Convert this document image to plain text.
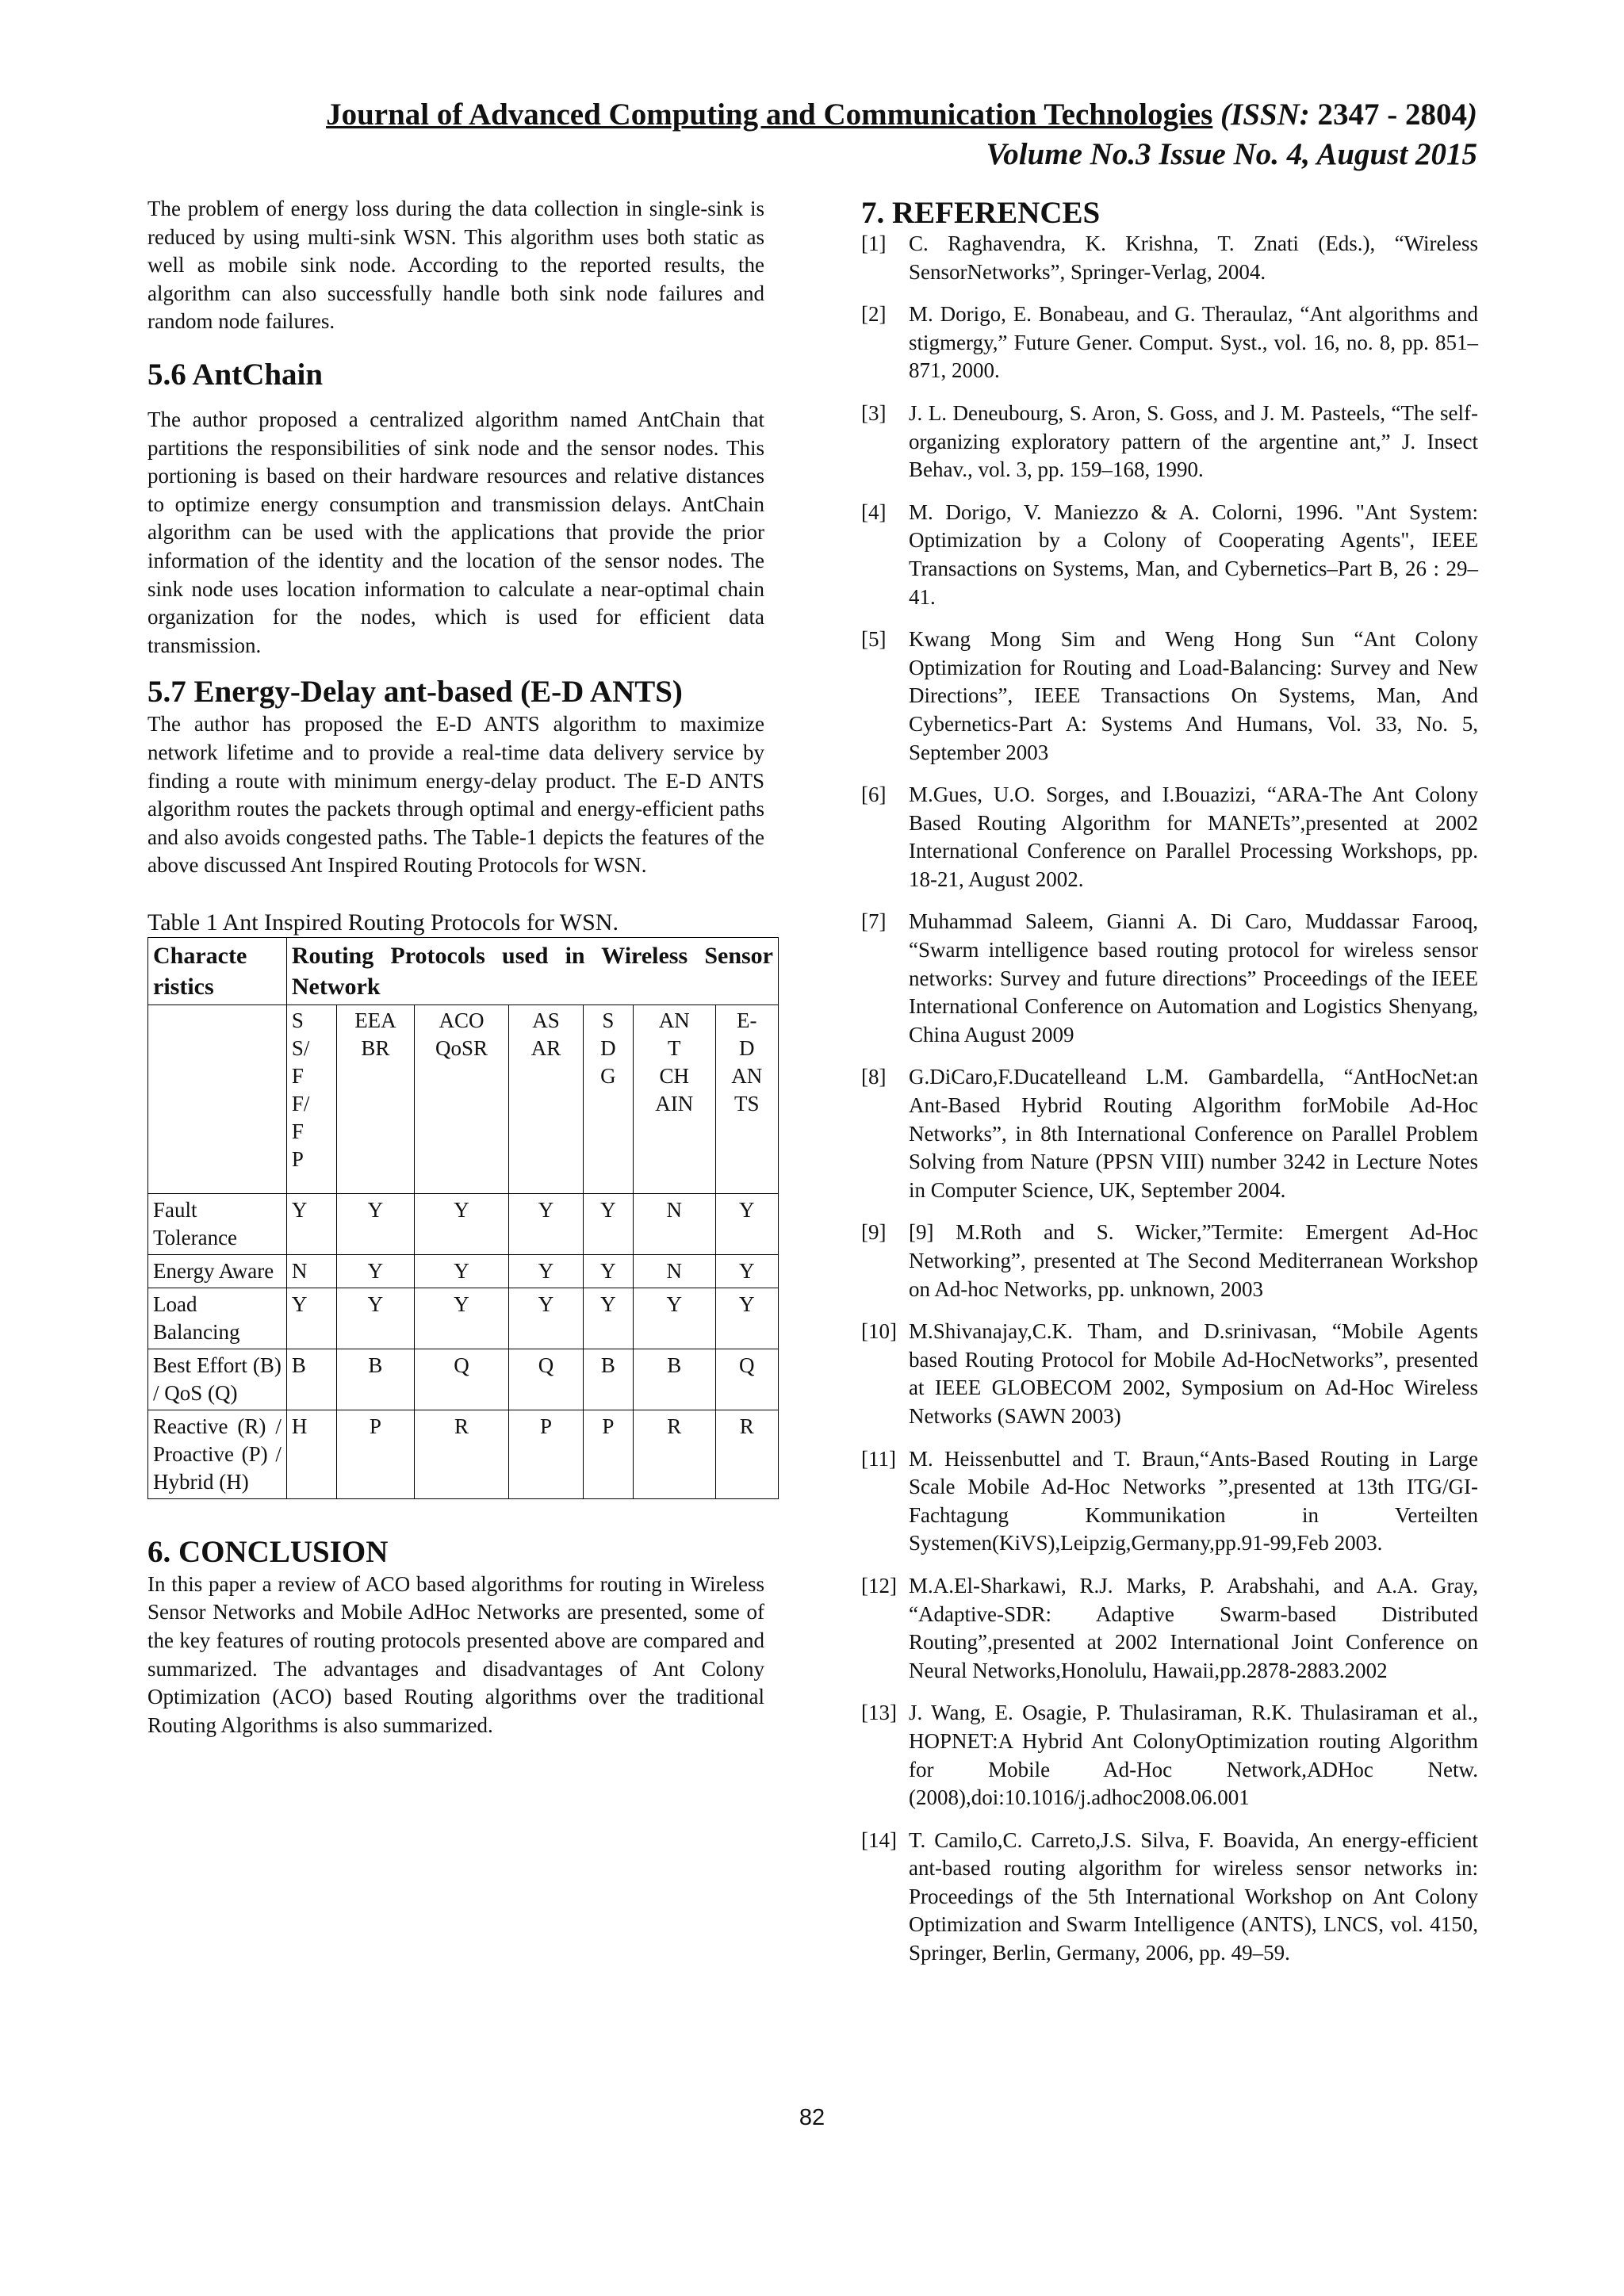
Journal of Advanced Computing and Communication Technologies (ISSN: 2347 - 2804)
Volume No.3 Issue No. 4, August 2015

The problem of energy loss during the data collection in single-sink is reduced by using multi-sink WSN. This algorithm uses both static as well as mobile sink node. According to the reported results, the algorithm can also successfully handle both sink node failures and random node failures.

5.6 AntChain

The author proposed a centralized algorithm named AntChain that partitions the responsibilities of sink node and the sensor nodes. This portioning is based on their hardware resources and relative distances to optimize energy consumption and transmission delays. AntChain algorithm can be used with the applications that provide the prior information of the identity and the location of the sensor nodes. The sink node uses location information to calculate a near-optimal chain organization for the nodes, which is used for efficient data transmission.

5.7 Energy-Delay ant-based (E-D ANTS)

The author has proposed the E-D ANTS algorithm to maximize network lifetime and to provide a real-time data delivery service by finding a route with minimum energy-delay product. The E-D ANTS algorithm routes the packets through optimal and energy-efficient paths and also avoids congested paths. The Table-1 depicts the features of the above discussed Ant Inspired Routing Protocols for WSN.

Table 1 Ant Inspired Routing Protocols for WSN.

Characte ristics	Routing Protocols used in Wireless Sensor Network						
	S S/ F F/ F P	EEA BR	ACO QoSR	AS AR	S D G	AN T CH AIN	E- D AN TS
Fault Tolerance	Y	Y	Y	Y	Y	N	Y
Energy Aware	N	Y	Y	Y	Y	N	Y
Load Balancing	Y	Y	Y	Y	Y	Y	Y
Best Effort (B) / QoS (Q)	B	B	Q	Q	B	B	Q
Reactive (R) / Proactive (P) / Hybrid (H)	H	P	R	P	P	R	R
6. CONCLUSION

In this paper a review of ACO based algorithms for routing in Wireless Sensor Networks and Mobile AdHoc Networks are presented, some of the key features of routing protocols presented above are compared and summarized. The advantages and disadvantages of Ant Colony Optimization (ACO) based Routing algorithms over the traditional Routing Algorithms is also summarized.

7. REFERENCES
[1] C. Raghavendra, K. Krishna, T. Znati (Eds.), “Wireless SensorNetworks”, Springer-Verlag, 2004.
[2] M. Dorigo, E. Bonabeau, and G. Theraulaz, “Ant algorithms and stigmergy,” Future Gener. Comput. Syst., vol. 16, no. 8, pp. 851–871, 2000.
[3] J. L. Deneubourg, S. Aron, S. Goss, and J. M. Pasteels, “The self-organizing exploratory pattern of the argentine ant,” J. Insect Behav., vol. 3, pp. 159–168, 1990.
[4] M. Dorigo, V. Maniezzo & A. Colorni, 1996. "Ant System: Optimization by a Colony of Cooperating Agents", IEEE Transactions on Systems, Man, and Cybernetics–Part B, 26 : 29–41.
[5] Kwang Mong Sim and Weng Hong Sun “Ant Colony Optimization for Routing and Load-Balancing: Survey and New Directions”, IEEE Transactions On Systems, Man, And Cybernetics-Part A: Systems And Humans, Vol. 33, No. 5, September 2003
[6] M.Gues, U.O. Sorges, and I.Bouazizi, “ARA-The Ant Colony Based Routing Algorithm for MANETs”,presented at 2002 International Conference on Parallel Processing Workshops, pp. 18-21, August 2002.
[7] Muhammad Saleem, Gianni A. Di Caro, Muddassar Farooq, “Swarm intelligence based routing protocol for wireless sensor networks: Survey and future directions” Proceedings of the IEEE International Conference on Automation and Logistics Shenyang, China August 2009
[8] G.DiCaro,F.Ducatelleand L.M. Gambardella, “AntHocNet:an Ant-Based Hybrid Routing Algorithm forMobile Ad-Hoc Networks”, in 8th International Conference on Parallel Problem Solving from Nature (PPSN VIII) number 3242 in Lecture Notes in Computer Science, UK, September 2004.
[9] [9] M.Roth and S. Wicker,”Termite: Emergent Ad-Hoc Networking”, presented at The Second Mediterranean Workshop on Ad-hoc Networks, pp. unknown, 2003
[10] M.Shivanajay,C.K. Tham, and D.srinivasan, “Mobile Agents based Routing Protocol for Mobile Ad-HocNetworks”, presented at IEEE GLOBECOM 2002, Symposium on Ad-Hoc Wireless Networks (SAWN 2003)
[11] M. Heissenbuttel and T. Braun,“Ants-Based Routing in Large Scale Mobile Ad-Hoc Networks ”,presented at 13th ITG/GI-Fachtagung Kommunikation in Verteilten Systemen(KiVS),Leipzig,Germany,pp.91-99,Feb 2003.
[12] M.A.El-Sharkawi, R.J. Marks, P. Arabshahi, and A.A. Gray, “Adaptive-SDR: Adaptive Swarm-based Distributed Routing”,presented at 2002 International Joint Conference on Neural Networks,Honolulu, Hawaii,pp.2878-2883.2002
[13] J. Wang, E. Osagie, P. Thulasiraman, R.K. Thulasiraman et al., HOPNET:A Hybrid Ant ColonyOptimization routing Algorithm for Mobile Ad-Hoc Network,ADHoc Netw.(2008),doi:10.1016/j.adhoc2008.06.001
[14] T. Camilo,C. Carreto,J.S. Silva, F. Boavida, An energy-efficient ant-based routing algorithm for wireless sensor networks in: Proceedings of the 5th International Workshop on Ant Colony Optimization and Swarm Intelligence (ANTS), LNCS, vol. 4150, Springer, Berlin, Germany, 2006, pp. 49–59.
82
